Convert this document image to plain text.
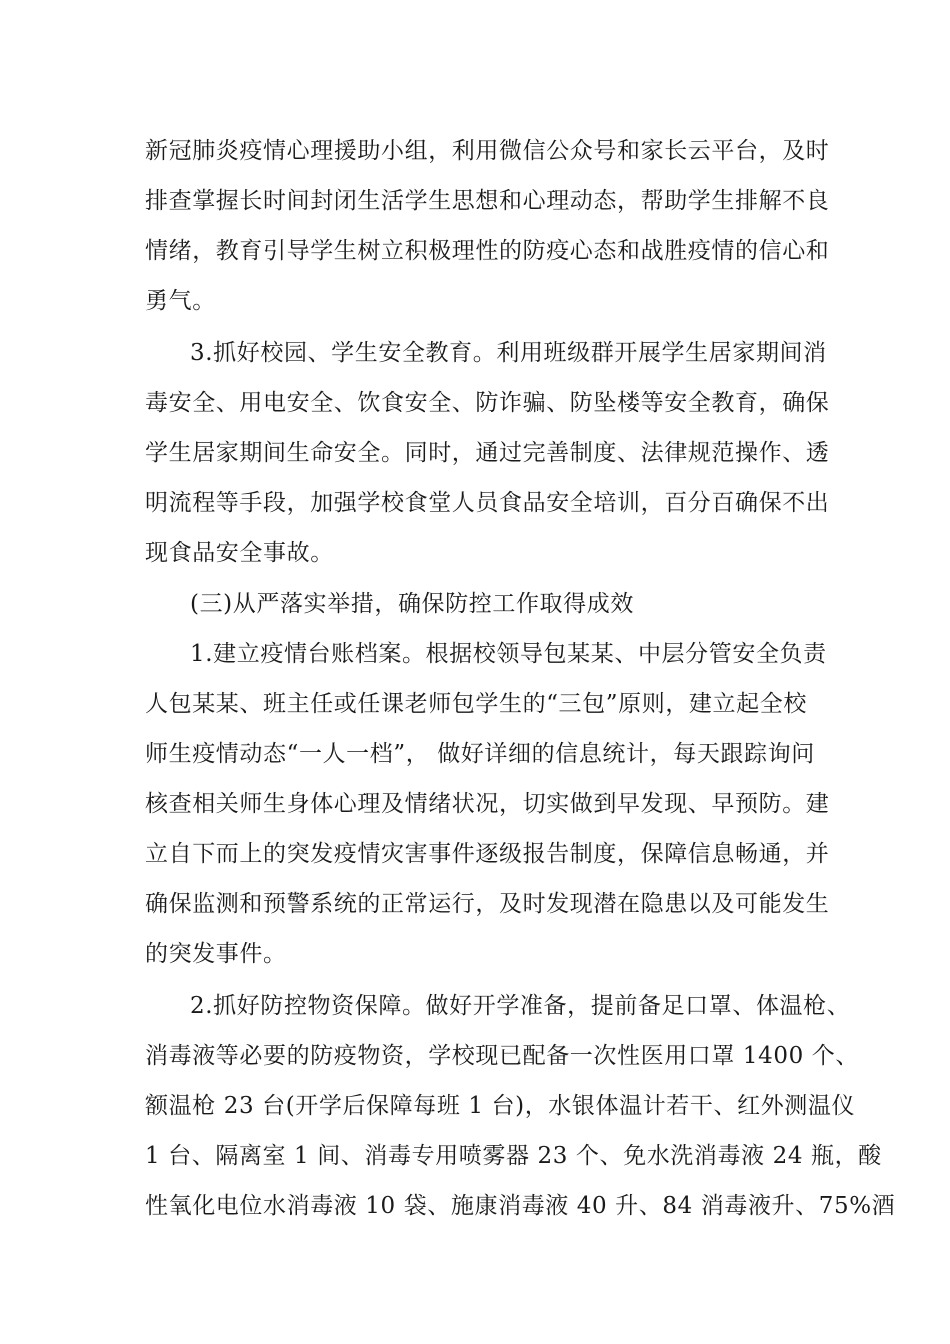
新冠肺炎疫情心理援助小组，利用微信公众号和家长云平台，及时

排查掌握长时间封闭生活学生思想和心理动态，帮助学生排解不良

情绪，教育引导学生树立积极理性的防疫心态和战胜疫情的信心和

勇气。

3.抓好校园、学生安全教育。利用班级群开展学生居家期间消

毒安全、用电安全、饮食安全、防诈骗、防坠楼等安全教育，确保

学生居家期间生命安全。同时，通过完善制度、法律规范操作、透

明流程等手段，加强学校食堂人员食品安全培训，百分百确保不出

现食品安全事故。

(三)从严落实举措，确保防控工作取得成效

1.建立疫情台账档案。根据校领导包某某、中层分管安全负责

人包某某、班主任或任课老师包学生的“三包”原则，建立起全校

师生疫情动态“一人一档”， 做好详细的信息统计，每天跟踪询问

核查相关师生身体心理及情绪状况，切实做到早发现、早预防。建

立自下而上的突发疫情灾害事件逐级报告制度，保障信息畅通，并

确保监测和预警系统的正常运行，及时发现潜在隐患以及可能发生

的突发事件。

2.抓好防控物资保障。做好开学准备，提前备足口罩、体温枪、

消毒液等必要的防疫物资，学校现已配备一次性医用口罩 1400 个、

额温枪 23 台(开学后保障每班 1 台)，水银体温计若干、红外测温仪

1 台、隔离室 1 间、消毒专用喷雾器 23 个、免水洗消毒液 24 瓶，酸

性氧化电位水消毒液 10 袋、施康消毒液 40 升、84 消毒液升、75%酒
